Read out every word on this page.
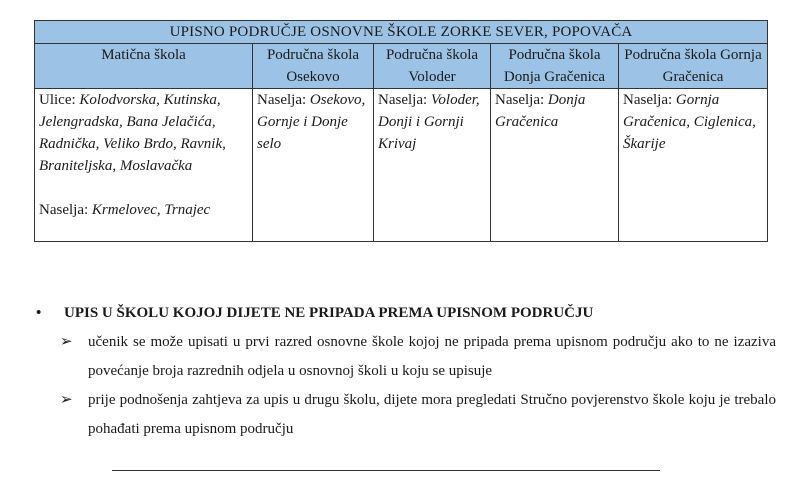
UPISNO PODRUČJE OSNOVNE ŠKOLE ZORKE SEVER, POPOVAČA				
Matična škola	Područna škola Osekovo	Područna škola Voloder	Područna škola Donja Gračenica	Područna škola Gornja Gračenica
Ulice: Kolodvorska, Kutinska, Jelengradska, Bana Jelačića, Radnička, Veliko Brdo, Ravnik, Braniteljska, Moslavačka
Naselja: Krmelovec, Trnajec	Naselja: Osekovo, Gornje i Donje selo	Naselja: Voloder, Donji i Gornji Krivaj	Naselja: Donja Gračenica	Naselja: Gornja Gračenica, Ciglenica, Škarije
•	UPIS U ŠKOLU KOJOJ DIJETE NE PRIPADA PREMA UPISNOM PODRUČJU
➢	učenik se može upisati u prvi razred osnovne škole kojoj ne pripada prema upisnom području ako to ne izaziva povećanje broja razrednih odjela u osnovnoj školi u koju se upisuje
➢	prije podnošenja zahtjeva za upis u drugu školu, dijete mora pregledati Stručno povjerenstvo škole koju je trebalo pohađati prema upisnom području
